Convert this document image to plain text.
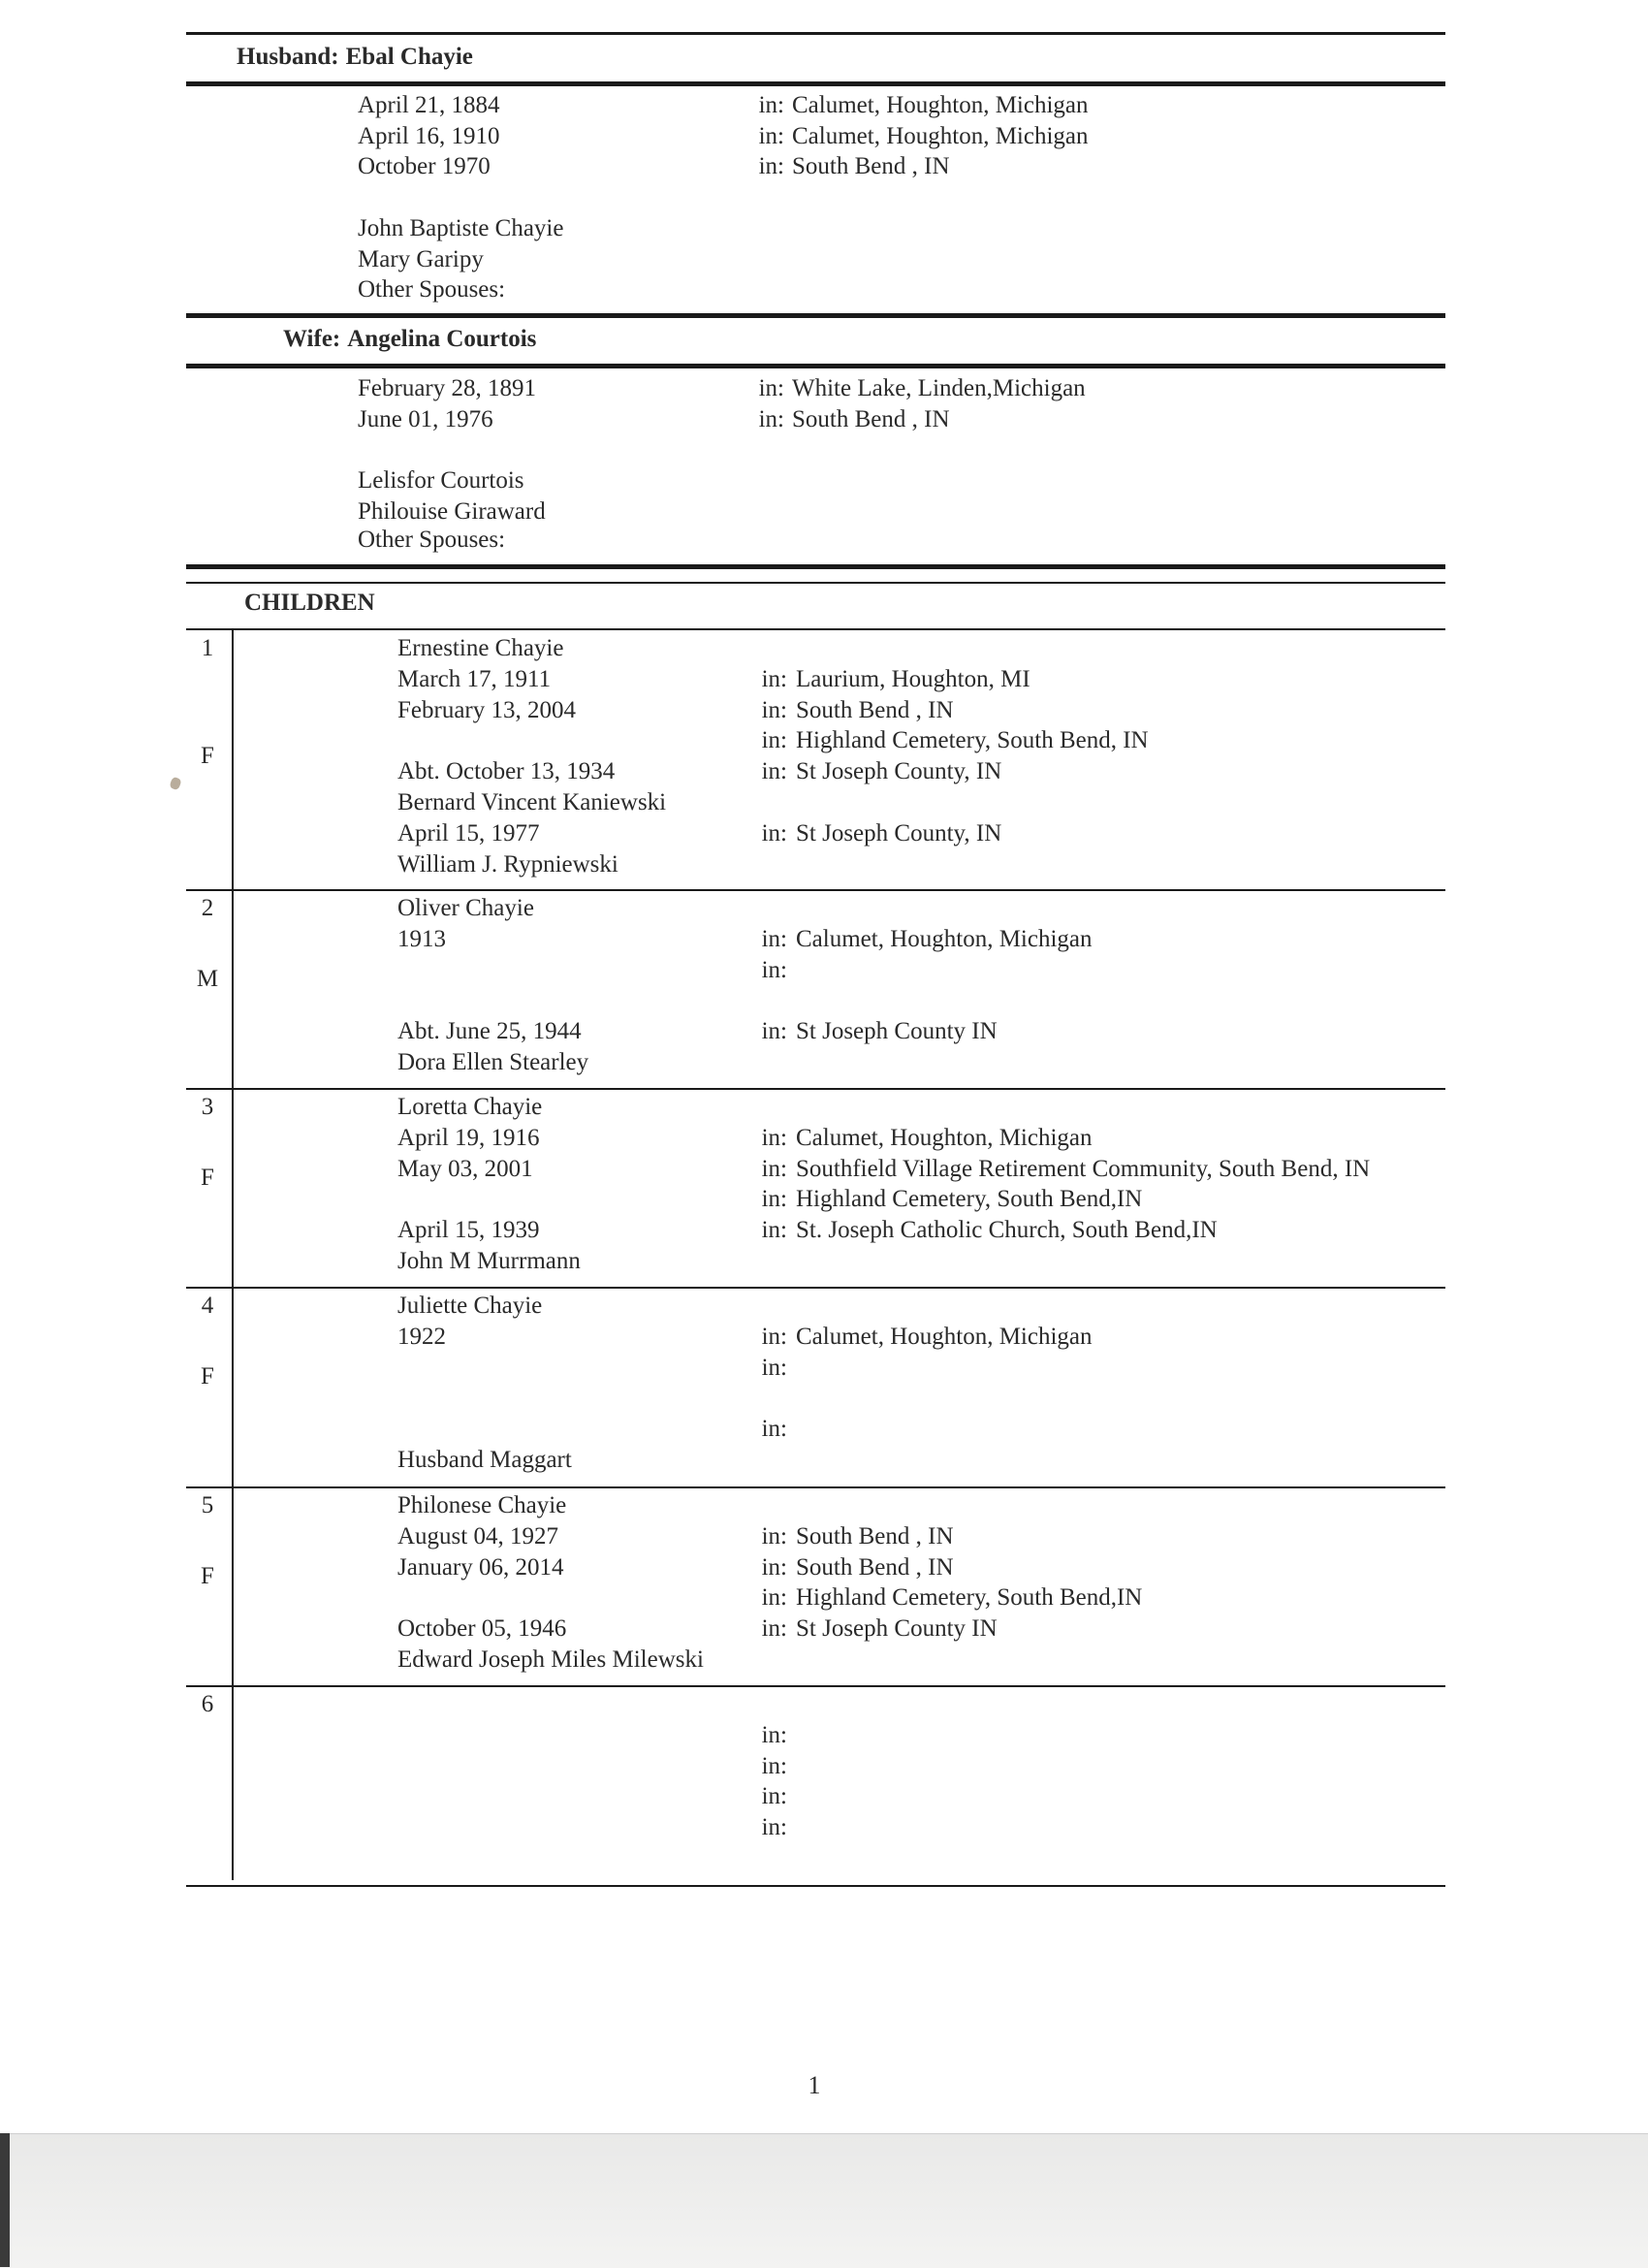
Husband: Ebal Chayie
April 21, 1884	in: Calumet, Houghton, Michigan
April 16, 1910	in: Calumet, Houghton, Michigan
October 1970	in: South Bend , IN
John Baptiste Chayie
Mary Garipy
Other Spouses:
Wife: Angelina Courtois
February 28, 1891	in: White Lake, Linden,Michigan
June 01, 1976	in: South Bend , IN
Lelisfor Courtois
Philouise Giraward
Other Spouses:
CHILDREN
1
F
Ernestine Chayie
March 17, 1911	in: Laurium, Houghton, MI
February 13, 2004	in: South Bend , IN
in: Highland Cemetery, South Bend, IN
Abt. October 13, 1934	in: St Joseph County, IN
Bernard Vincent Kaniewski
April 15, 1977	in: St Joseph County, IN
William J. Rypniewski
2
M
Oliver Chayie
1913	in: Calumet, Houghton, Michigan
in:
Abt. June 25, 1944	in: St Joseph County IN
Dora Ellen Stearley
3
F
Loretta Chayie
April 19, 1916	in: Calumet, Houghton, Michigan
May 03, 2001	in: Southfield Village Retirement Community, South Bend, IN
in: Highland Cemetery, South Bend,IN
April 15, 1939	in: St. Joseph Catholic Church, South Bend,IN
John M Murrmann
4
F
Juliette Chayie
1922	in: Calumet, Houghton, Michigan
in:
in:
Husband Maggart
5
F
Philonese Chayie
August 04, 1927	in: South Bend , IN
January 06, 2014	in: South Bend , IN
in: Highland Cemetery, South Bend,IN
October 05, 1946	in: St Joseph County IN
Edward Joseph Miles Milewski
6
in:
in:
in:
in:
1
